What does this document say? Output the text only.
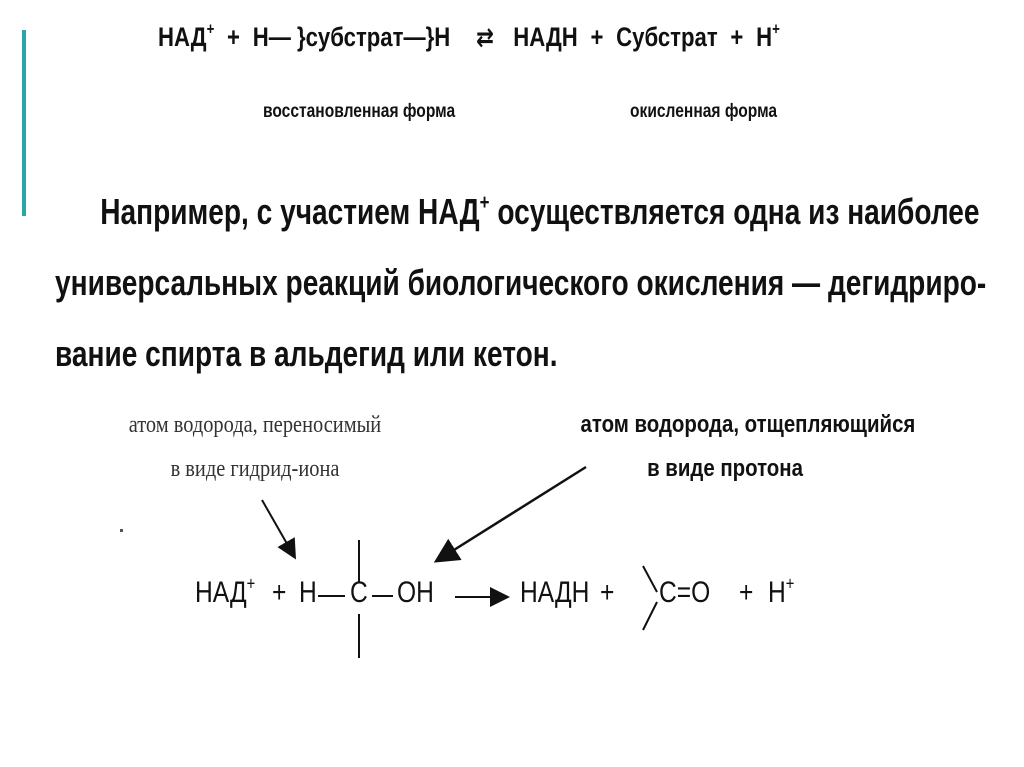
НАД+ + H— }субстрат—}H ⇄ НАДН + Субстрат + H+
восстановленная форма	окисленная форма
Например, с участием НАД+ осуществляется одна из наиболее
универсальных реакций биологического окисления — дегидриро-
вание спирта в альдегид или кетон.
атом водорода, переносимый
в виде гидрид-иона
атом водорода, отщепляющийся
в виде протона
НАД+ + H C OH	НАДН + C=O + H+
